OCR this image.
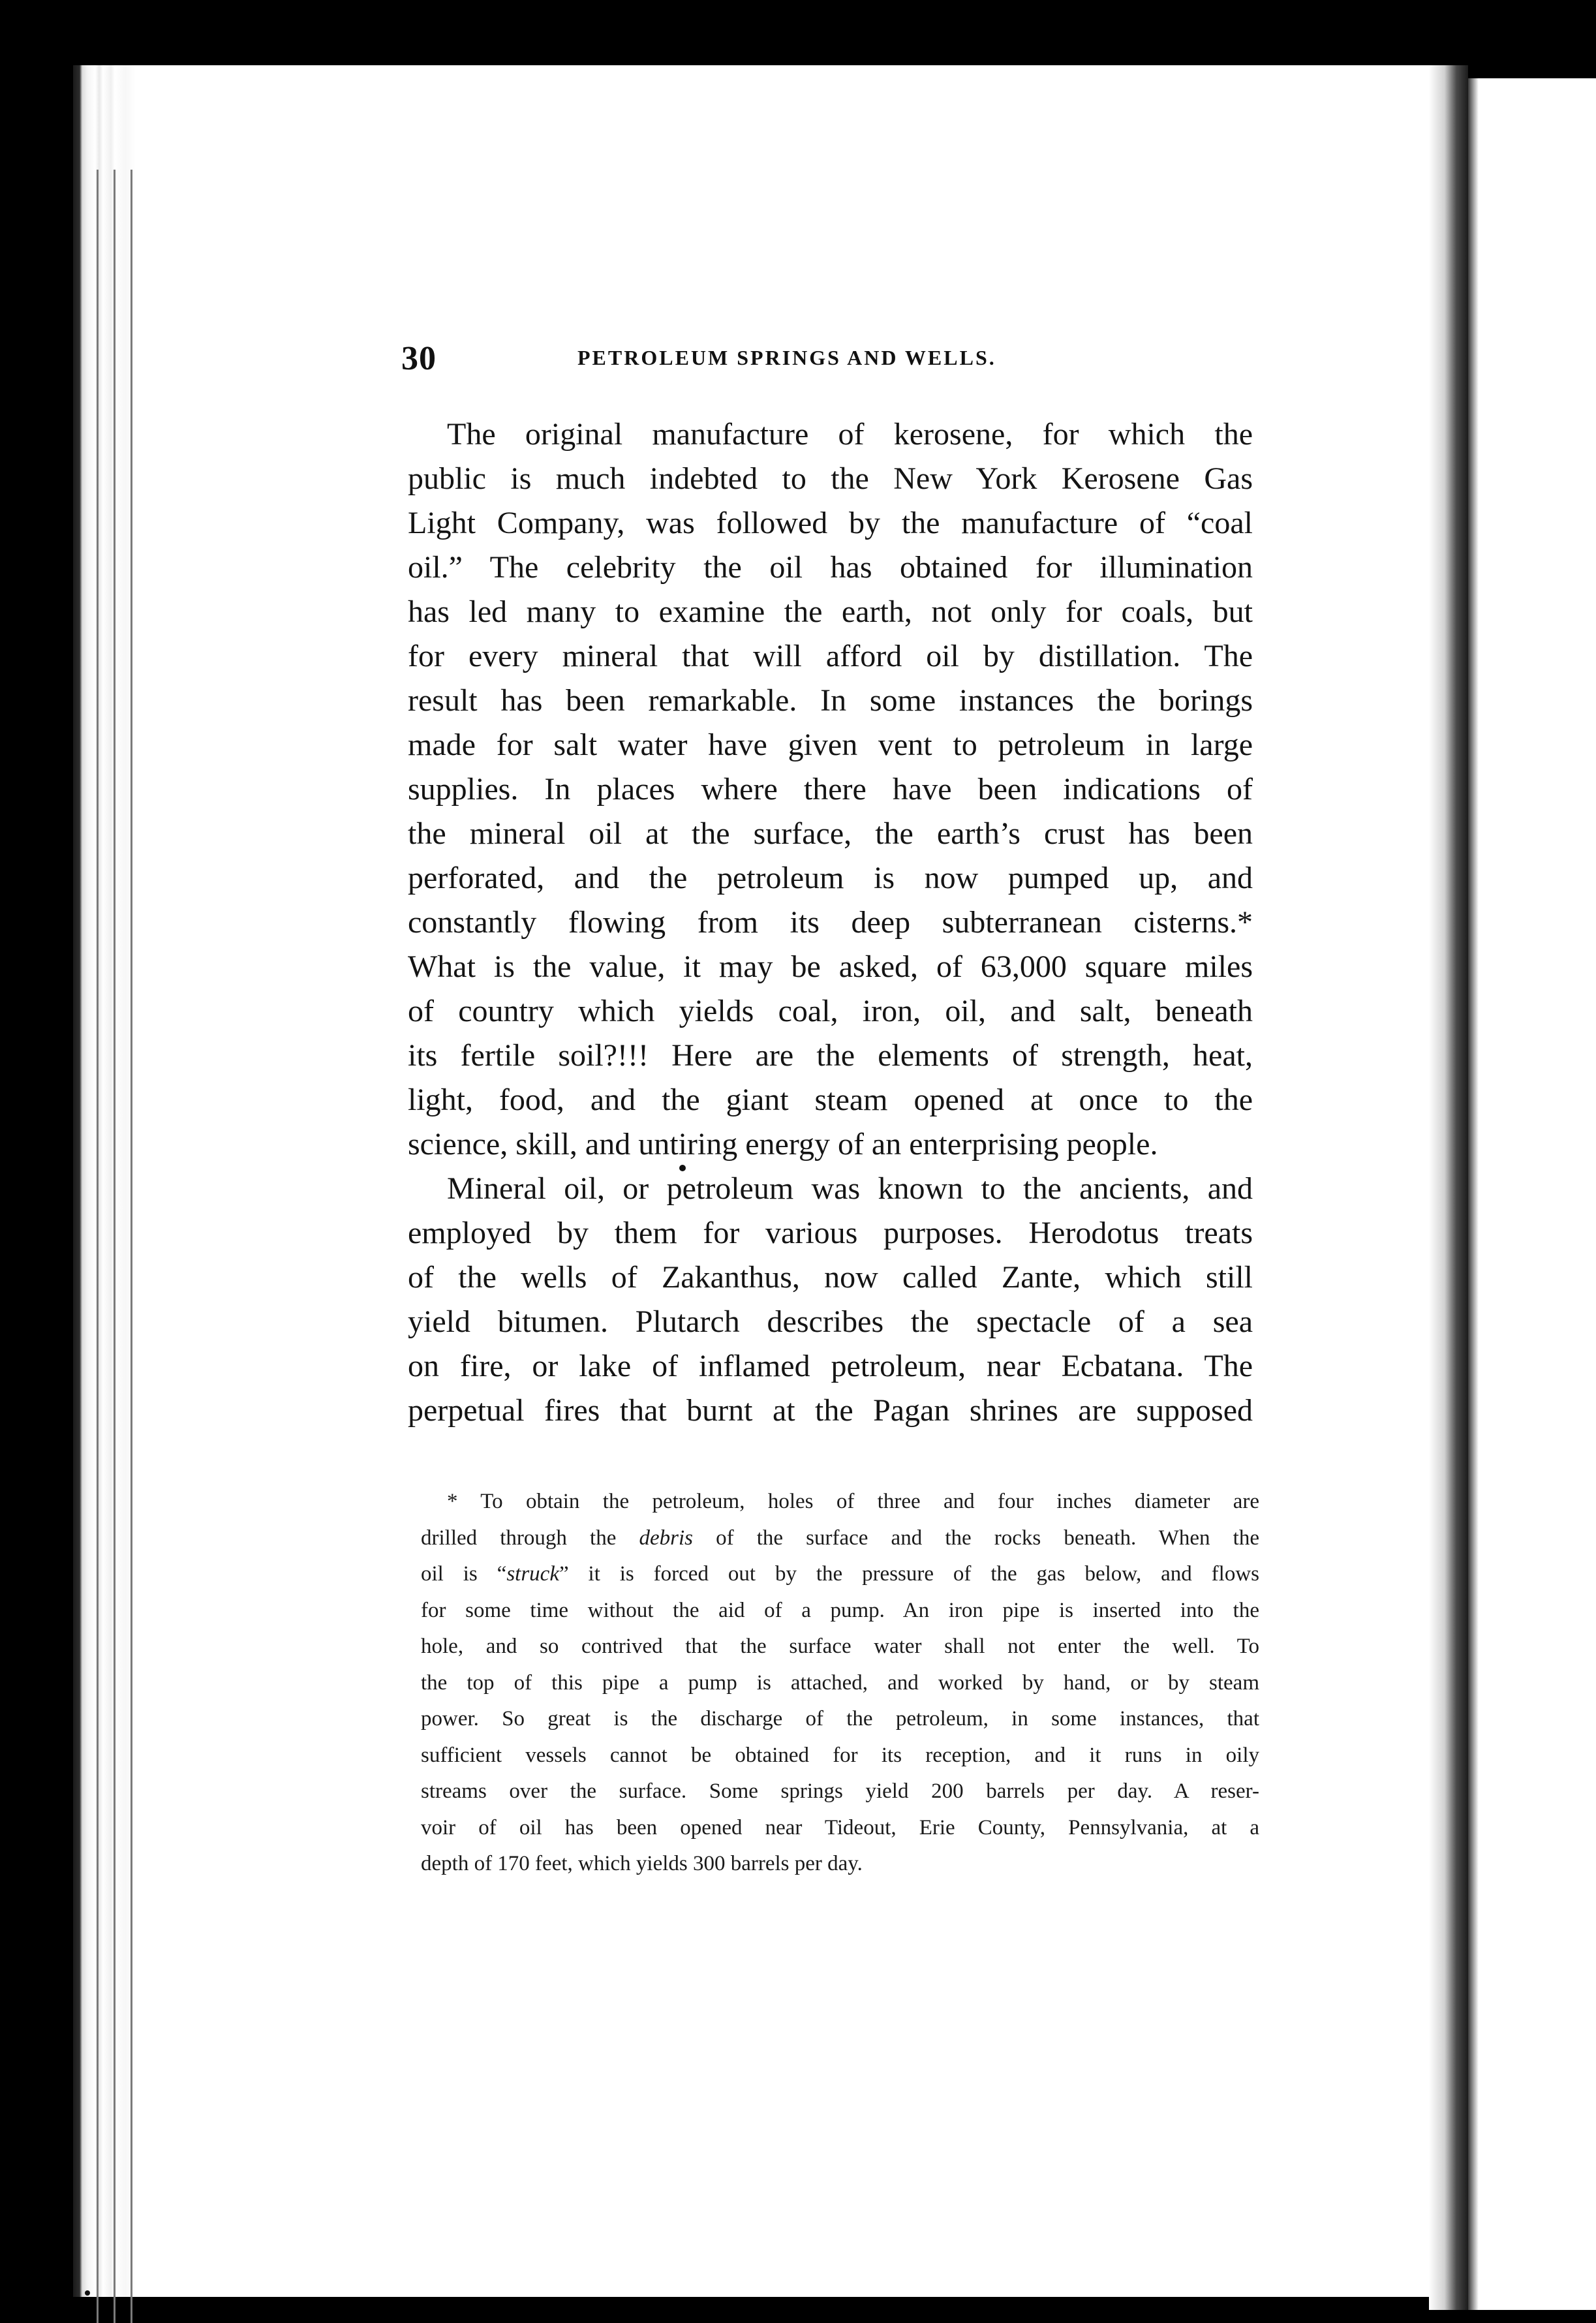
30	PETROLEUM SPRINGS AND WELLS.
The original manufacture of kerosene, for which the
public is much indebted to the New York Kerosene Gas
Light Company, was followed by the manufacture of “coal
oil.” The celebrity the oil has obtained for illumination
has led many to examine the earth, not only for coals, but
for every mineral that will afford oil by distillation. The
result has been remarkable. In some instances the borings
made for salt water have given vent to petroleum in large
supplies. In places where there have been indications of
the mineral oil at the surface, the earth’s crust has been
perforated, and the petroleum is now pumped up, and
constantly flowing from its deep subterranean cisterns.*
What is the value, it may be asked, of 63,000 square miles
of country which yields coal, iron, oil, and salt, beneath
its fertile soil?!!! Here are the elements of strength, heat,
light, food, and the giant steam opened at once to the
science, skill, and untiring energy of an enterprising people.
Mineral oil, or petroleum was known to the ancients, and
employed by them for various purposes. Herodotus treats
of the wells of Zakanthus, now called Zante, which still
yield bitumen. Plutarch describes the spectacle of a sea
on fire, or lake of inflamed petroleum, near Ecbatana. The
perpetual fires that burnt at the Pagan shrines are supposed
* To obtain the petroleum, holes of three and four inches diameter are
drilled through the debris of the surface and the rocks beneath. When the
oil is “struck” it is forced out by the pressure of the gas below, and flows
for some time without the aid of a pump. An iron pipe is inserted into the
hole, and so contrived that the surface water shall not enter the well. To
the top of this pipe a pump is attached, and worked by hand, or by steam
power. So great is the discharge of the petroleum, in some instances, that
sufficient vessels cannot be obtained for its reception, and it runs in oily
streams over the surface. Some springs yield 200 barrels per day. A reser-
voir of oil has been opened near Tideout, Erie County, Pennsylvania, at a
depth of 170 feet, which yields 300 barrels per day.
